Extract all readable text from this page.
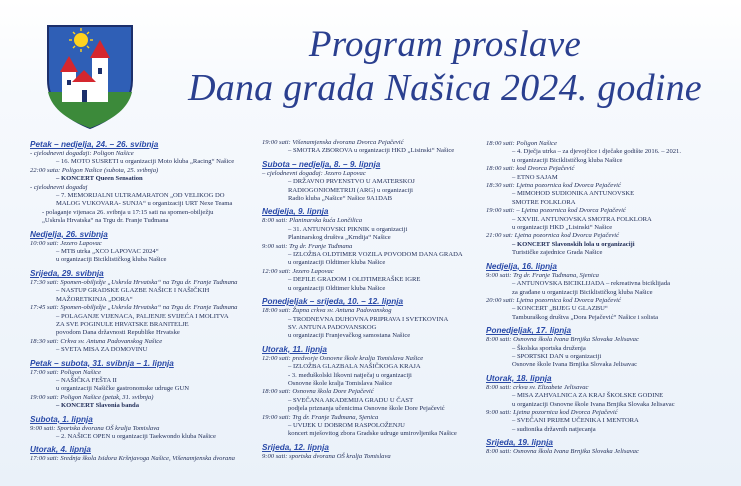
Program proslave
Dana grada Našica 2024. godine
Petak – nedjelja, 24. – 26. svibnja
- cjelodnevni događaji: Poligon Našice
– 16. MOTO SUSRETI u organizaciji Moto kluba „Racing“ Našice
22:00 sata: Poligon Našice (subota, 25. svibnja)
– KONCERT Queen Sensation
- cjelodnevni događaj
– 7. MEMORIJALNI ULTRAMARATON „OD VELIKOG DO
MALOG VUKOVARA- SUNJA“ u organizaciji URT Nexe Teama
- polaganje vijenaca 26. svibnja u 17:15 sati na spomen-obilježju
„Uskrsla Hrvatska“ na Trgu dr. Franje Tuđmana
Nedjelja, 26. svibnja
10:00 sati: Jezero Lapovac
– MTB utrka „XCO LAPOVAC 2024“
u organizaciji Biciklističkog kluba Našice
Srijeda, 29. svibnja
17:30 sati: Spomen-obilježje „Uskrsla Hrvatska“ na Trgu dr. Franje Tuđmana
– NASTUP GRADSKE GLAZBE NAŠICE I NAŠIČKIH
MAŽORETKINJA „DORA“
17:45 sati: Spomen-obilježje „Uskrsla Hrvatska“ na Trgu dr. Franje Tuđmana
– POLAGANJE VIJENACA, PALJENJE SVIJEĆA I MOLITVA
ZA SVE POGINULE HRVATSKE BRANITELJE
povodom Dana državnosti Republike Hrvatske
18:30 sati: Crkva sv. Antuna Padovanskog Našice
– SVETA MISA ZA DOMOVINU
Petak – subota, 31. svibnja – 1. lipnja
17:00 sati: Poligon Našice
– NAŠIČKA FEŠTA II
u organizaciji Našičke gastronomske udruge GUN
19:00 sati: Poligon Našice (petak, 31. svibnja)
– KONCERT Slavonia banda
Subota, 1. lipnja
9:00 sati: Sportska dvorana OŠ kralja Tomislava
– 2. NAŠICE OPEN u organizaciji Taekwondo kluba Našice
Utorak, 4. lipnja
17:00 sati: Srednja škola Isidora Kršnjavoga Našice, Višenamjenska dvorana
19:00 sati: Višenamjenska dvorana Dvorca Pejačević
– SMOTRA ZBOROVA u organizaciji HKD „Lisinski“ Našice
Subota – nedjelja, 8. – 9. lipnja
– cjelodnevni događaj: Jezero Lapovac
– DRŽAVNO PRVENSTVO U AMATERSKOJ
RADIOGONIOMETRIJI (ARG) u organizaciji
Radio kluba „Našice“ Našice 9A1DAB
Nedjelja, 9. lipnja
8:00 sati: Planinarska kuća Lončilica
– 31. ANTUNOVSKI PIKNIK u organizaciji
Planinarskog društva „Krndija“ Našice
9:00 sati: Trg dr. Franje Tuđmana
– IZLOŽBA OLDTIMER VOZILA POVODOM DANA GRADA
u organizaciji Oldtimer kluba Našice
12:00 sati: Jezero Lapovac
– DEFILE GRADOM I OLDTIMERAŠKE IGRE
u organizaciji Oldtimer kluba Našice
Ponedjeljak – srijeda, 10. – 12. lipnja
18:00 sati: Župna crkva sv. Antuna Padovanskog
– TRODNEVNA DUHOVNA PRIPRAVA I SVETKOVINA
SV. ANTUNA PADOVANSKOG
u organizaciji Franjevačkog samostana Našice
Utorak, 11. lipnja
12:00 sati: predvorje Osnovne škole kralja Tomislava Našice
– IZLOŽBA GLAZBALA NAŠIČKOGA KRAJA
- 3. međuškolski likovni natječaj u organizaciji
Osnovne škole kralja Tomislava Našice
18:00 sati: Osnovna škola Dore Pejačević
– SVEČANA AKADEMIJA GRADU U ČAST
podjela priznanja učenicima Osnovne škole Dore Pejačević
19:00 sati: Trg dr. Franje Tuđmana, Sjenica
– UVIJEK U DOBROM RASPOLOŽENJU
koncert mješovitog zbora Gradske udruge umirovljenika Našice
Srijeda, 12. lipnja
9:00 sati: sportska dvorana OŠ kralja Tomislava
18:00 sati: Poligon Našice
– 4. Dječja utrka – za djevojčice i dječake godište 2016. – 2021.
u organizaciji Biciklističkog kluba Našice
18:00 sati: kod Dvorca Pejačević
– ETNO SAJAM
18:30 sati: Ljetna pozornica kod Dvorca Pejačević
– MIMOHOD SUDIONIKA ANTUNOVSKE
SMOTRE FOLKLORA
19:00 sati: – Ljetna pozornica kod Dvorca Pejačević
– XXVIII. ANTUNOVSKA SMOTRA FOLKLORA
u organizaciji HKD „Lisinski“ Našice
21:00 sat: Ljetna pozornica kod Dvorca Pejačević
– KONCERT Slavonskih lola u organizaciji
Turističke zajednice Grada Našice
Nedjelja, 16. lipnja
9:00 sati: Trg dr. Franje Tuđmana, Sjenica
– ANTUNOVSKA BICIKLIJADA – rekreativna biciklijada
za građane u organizaciji Biciklističkog kluba Našice
20:00 sati: Ljetna pozornica kod Dvorca Pejačević
– KONCERT „BIJEG U GLAZBU“
Tamburaškog društva „Dora Pejačević“ Našice i solista
Ponedjeljak, 17. lipnja
8:00 sati: Osnovna škola Ivana Brnjika Slovaka Jelisavac
– Školska sportska druženja
– SPORTSKI DAN u organizaciji
Osnovne škole Ivana Brnjika Slovaka Jelisavac
Utorak, 18. lipnja
8:00 sati: crkva sv. Elizabete Jelisavac
– MISA ZAHVALNICA ZA KRAJ ŠKOLSKE GODINE
u organizaciji Osnovne škole Ivana Brnjika Slovaka Jelisavac
9:00 sati: Ljetna pozornica kod Dvorca Pejačević
– SVEČANI PRIJEM UČENIKA I MENTORA
– sudionika državnih natjecanja
Srijeda, 19. lipnja
8:00 sati: Osnovna škola Ivana Brnjika Slovaka Jelisavac
